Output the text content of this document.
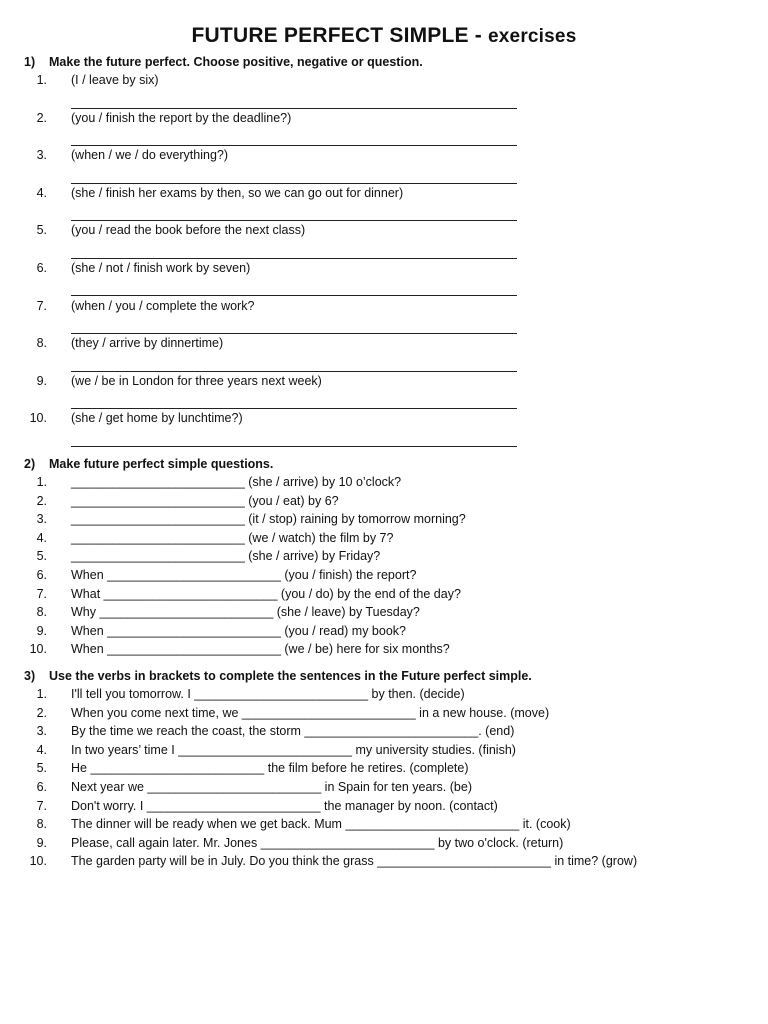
FUTURE PERFECT SIMPLE - exercises
1)	Make the future perfect. Choose positive, negative or question.
1.	(I / leave by six)
2.	(you / finish the report by the deadline?)
3.	(when / we / do everything?)
4.	(she / finish her exams by then, so we can go out for dinner)
5.	(you / read the book before the next class)
6.	(she / not / finish work by seven)
7.	(when / you / complete the work?
8.	(they / arrive by dinnertime)
9.	(we / be in London for three years next week)
10.	(she / get home by lunchtime?)
2)	Make future perfect simple questions.
1.	_________________________ (she / arrive) by 10 o’clock?
2.	_________________________ (you / eat) by 6?
3.	_________________________ (it / stop) raining by tomorrow morning?
4.	_________________________ (we / watch) the film by 7?
5.	_________________________ (she / arrive) by Friday?
6.	When _________________________ (you / finish) the report?
7.	What _________________________ (you / do) by the end of the day?
8.	Why _________________________ (she / leave) by Tuesday?
9.	When _________________________ (you / read) my book?
10.	When _________________________ (we / be) here for six months?
3)	Use the verbs in brackets to complete the sentences in the Future perfect simple.
1.	I'll tell you tomorrow. I _________________________ by then. (decide)
2.	When you come next time, we _________________________ in a new house. (move)
3.	By the time we reach the coast, the storm _________________________. (end)
4.	In two years’ time I _________________________ my university studies. (finish)
5.	He _________________________ the film before he retires. (complete)
6.	Next year we _________________________ in Spain for ten years. (be)
7.	Don't worry. I _________________________ the manager by noon. (contact)
8.	The dinner will be ready when we get back. Mum _________________________ it. (cook)
9.	Please, call again later. Mr. Jones _________________________ by two o'clock. (return)
10.	The garden party will be in July. Do you think the grass _________________________ in time? (grow)
